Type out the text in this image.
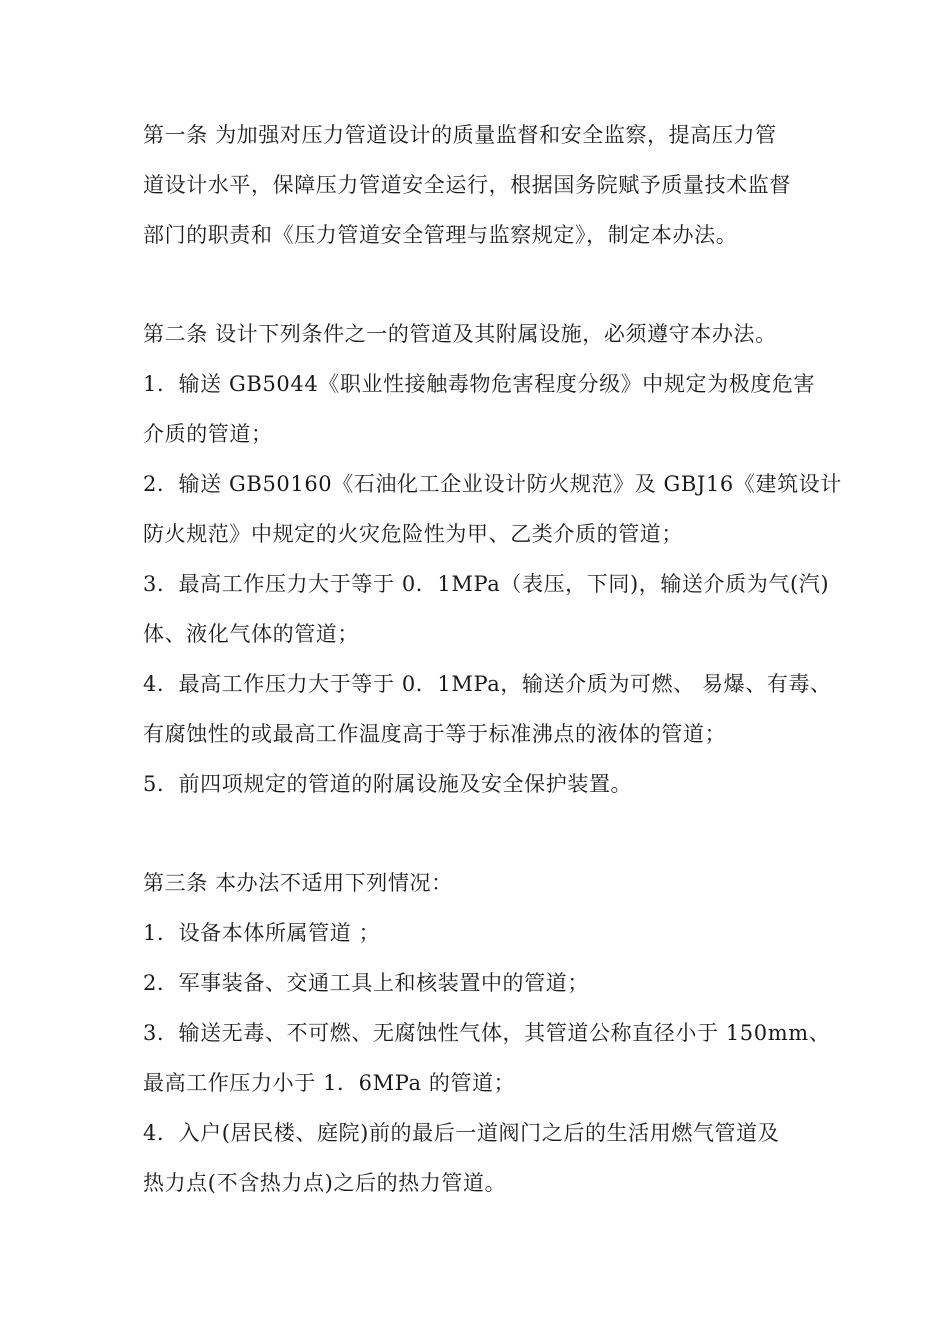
第一条 为加强对压力管道设计的质量监督和安全监察，提高压力管
道设计水平，保障压力管道安全运行，根据国务院赋予质量技术监督
部门的职责和《压力管道安全管理与监察规定》，制定本办法。
第二条 设计下列条件之一的管道及其附属设施，必须遵守本办法。
1．输送 GB5044《职业性接触毒物危害程度分级》中规定为极度危害
介质的管道；
2．输送 GB50160《石油化工企业设计防火规范》及 GBJ16《建筑设计
防火规范》中规定的火灾危险性为甲、乙类介质的管道；
3．最高工作压力大于等于 0．1MPa（表压，下同)，输送介质为气(汽)
体、液化气体的管道；
4．最高工作压力大于等于 0．1MPa，输送介质为可燃、 易爆、有毒、
有腐蚀性的或最高工作温度高于等于标准沸点的液体的管道；
5．前四项规定的管道的附属设施及安全保护装置。
第三条 本办法不适用下列情况：
1．设备本体所属管道 ；
2．军事装备、交通工具上和核装置中的管道；
3．输送无毒、不可燃、无腐蚀性气体，其管道公称直径小于 150mm、
最高工作压力小于 1．6MPa 的管道；
4．入户(居民楼、庭院)前的最后一道阀门之后的生活用燃气管道及
热力点(不含热力点)之后的热力管道。
